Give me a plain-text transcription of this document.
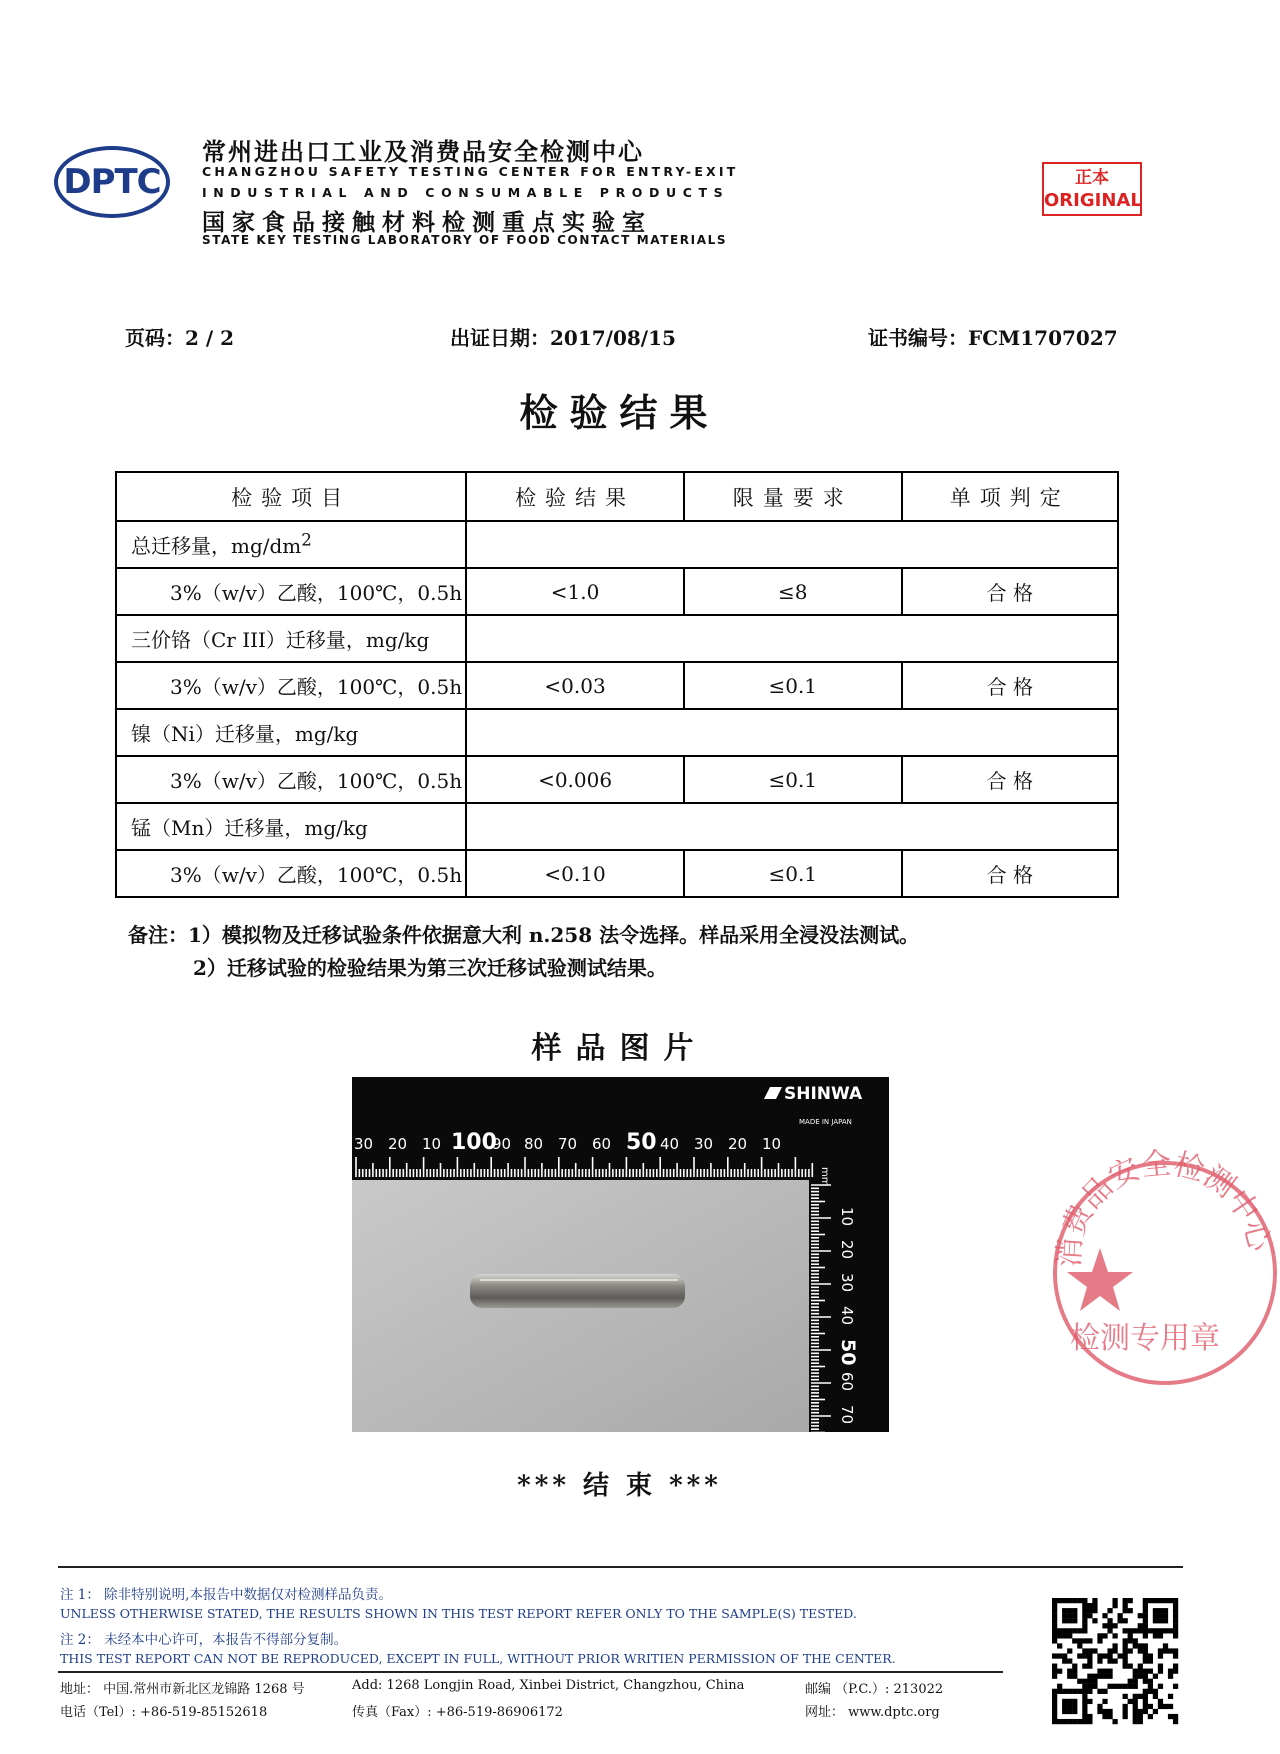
DPTC
常州进出口工业及消费品安全检测中心
CHANGZHOU SAFETY TESTING CENTER FOR ENTRY-EXIT
INDUSTRIAL AND CONSUMABLE PRODUCTS
国家食品接触材料检测重点实验室
STATE KEY TESTING LABORATORY OF FOOD CONTACT MATERIALS
正本
ORIGINAL
页码：2 / 2	出证日期：2017/08/15	证书编号：FCM1707027
检验结果
检验项目	检验结果	限量要求	单项判定
总迁移量，$mg/dm^2$	
3%（w/v）乙酸，100℃，0.5h	<1.0	≤8	合 格
三价铬（Cr III）迁移量，mg/kg			
3%（w/v）乙酸，100℃，0.5h	<0.03	≤0.1	合 格
镍（Ni）迁移量，mg/kg			
3%（w/v）乙酸，100℃，0.5h	<0.006	≤0.1	合 格
锰（Mn）迁移量，mg/kg			
3%（w/v）乙酸，100℃，0.5h	<0.10	≤0.1	合 格
备注：1）模拟物及迁移试验条件依据意大利 n.258 法令选择。样品采用全浸没法测试。
2）迁移试验的检验结果为第三次迁移试验测试结果。
样品图片
SHINWA
MADE IN JAPAN
mm
30 20 10 100
90 80 70 60 50 40 30 20 10
10
20
30
40
50
60
70
*** 结 束 ***
消费品安全检测中心
检测专用章
注 1： 除非特别说明,本报告中数据仅对检测样品负责。
UNLESS OTHERWISE STATED, THE RESULTS SHOWN IN THIS TEST REPORT REFER ONLY TO THE SAMPLE(S) TESTED.
注 2： 未经本中心许可，本报告不得部分复制。
THIS TEST REPORT CAN NOT BE REPRODUCED, EXCEPT IN FULL, WITHOUT PRIOR WRITIEN PERMISSION OF THE CENTER.
地址： 中国.常州市新北区龙锦路 1268 号	Add: 1268 Longjin Road, Xinbei District, Changzhou, China	邮编 （P.C.）: 213022
电话（Tel）: +86-519-85152618	传真（Fax）: +86-519-86906172	网址： www.dptc.org
